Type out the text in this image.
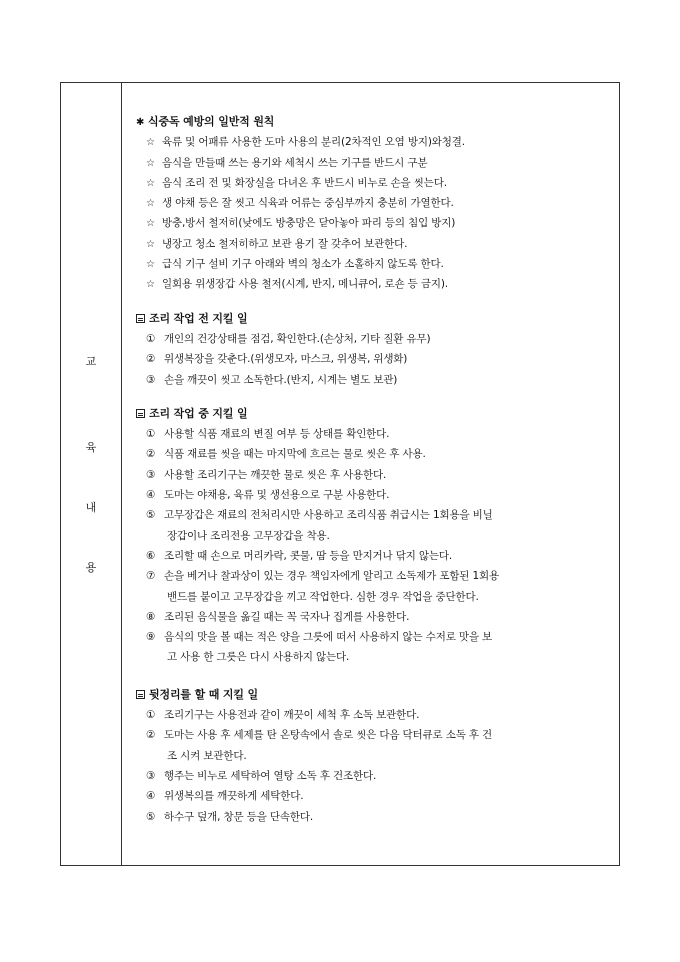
교
육
내
용
✱ 식중독 예방의 일반적 원칙
☆ 육류 및 어패류 사용한 도마 사용의 분리(2차적인 오염 방지)와청결.
☆ 음식을 만들때 쓰는 용기와 세척시 쓰는 기구를 반드시 구분
☆ 음식 조리 전 및 화장실을 다녀온 후 반드시 비누로 손을 씻는다.
☆ 생 야채 등은 잘 씻고 식육과 어류는 중심부까지 충분히 가열한다.
☆ 방충,방서 철저히(낮에도 방충망은 닫아놓아 파리 등의 침입 방지)
☆ 냉장고 청소 철저히하고 보관 용기 잘 갖추어 보관한다.
☆ 급식 기구 설비 기구 아래와 벽의 청소가 소홀하지 않도록 한다.
☆ 일회용 위생장갑 사용 철저(시계, 반지, 메니큐어, 로숀 등 금지).
조리 작업 전 지킬 일
① 개인의 건강상태를 점검, 확인한다.(손상처, 기타 질환 유무)
② 위생복장을 갖춘다.(위생모자, 마스크, 위생복, 위생화)
③ 손을 깨끗이 씻고 소독한다.(반지, 시계는 별도 보관)
조리 작업 중 지킬 일
① 사용할 식품 재료의 변질 여부 등 상태를 확인한다.
② 식품 재료를 씻을 때는 마지막에 흐르는 물로 씻은 후 사용.
③ 사용할 조리기구는 깨끗한 물로 씻은 후 사용한다.
④ 도마는 야채용, 육류 및 생선용으로 구분 사용한다.
⑤ 고무장갑은 재료의 전처리시만 사용하고 조리식품 취급시는 1회용을 비닐
장갑이나 조리전용 고무장갑을 착용.
⑥ 조리할 때 손으로 머리카락, 콧물, 땀 등을 만지거나 닦지 않는다.
⑦ 손을 베거나 찰과상이 있는 경우 책임자에게 알리고 소독제가 포함된 1회용
밴드를 붙이고 고무장갑을 끼고 작업한다. 심한 경우 작업을 중단한다.
⑧ 조리된 음식물을 옮길 때는 꼭 국자나 집게를 사용한다.
⑨ 음식의 맛을 볼 때는 적은 양을 그릇에 떠서 사용하지 않는 수저로 맛을 보
고 사용 한 그릇은 다시 사용하지 않는다.
뒷정리를 할 때 지킬 일
① 조리기구는 사용전과 같이 깨끗이 세척 후 소독 보관한다.
② 도마는 사용 후 세제를 탄 온탕속에서 솔로 씻은 다음 닥터큐로 소독 후 건
조 시켜 보관한다.
③ 행주는 비누로 세탁하여 열탕 소독 후 건조한다.
④ 위생복의를 깨끗하게 세탁한다.
⑤ 하수구 덮개, 창문 등을 단속한다.
